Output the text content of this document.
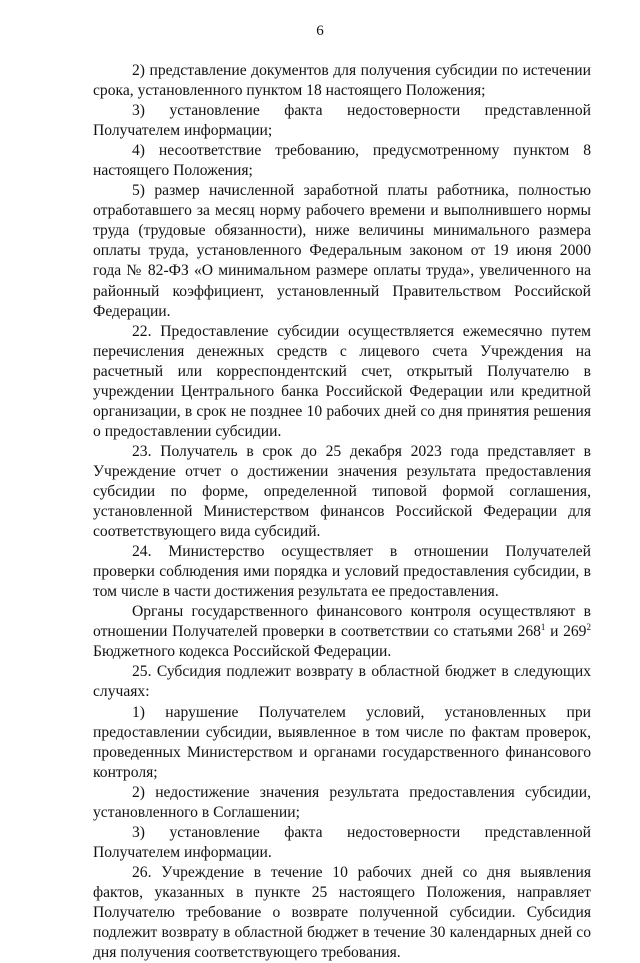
6

2) представление документов для получения субсидии по истечении срока, установленного пунктом 18 настоящего Положения;

3) установление факта недостоверности представленной Получателем информации;

4) несоответствие требованию, предусмотренному пунктом 8 настоящего Положения;

5) размер начисленной заработной платы работника, полностью отработавшего за месяц норму рабочего времени и выполнившего нормы труда (трудовые обязанности), ниже величины минимального размера оплаты труда, установленного Федеральным законом от 19 июня 2000 года № 82-ФЗ «О минимальном размере оплаты труда», увеличенного на районный коэффициент, установленный Правительством Российской Федерации.

22. Предоставление субсидии осуществляется ежемесячно путем перечисления денежных средств с лицевого счета Учреждения на расчетный или корреспондентский счет, открытый Получателю в учреждении Центрального банка Российской Федерации или кредитной организации, в срок не позднее 10 рабочих дней со дня принятия решения о предоставлении субсидии.

23. Получатель в срок до 25 декабря 2023 года представляет в Учреждение отчет о достижении значения результата предоставления субсидии по форме, определенной типовой формой соглашения, установленной Министерством финансов Российской Федерации для соответствующего вида субсидий.

24. Министерство осуществляет в отношении Получателей проверки соблюдения ими порядка и условий предоставления субсидии, в том числе в части достижения результата ее предоставления.

Органы государственного финансового контроля осуществляют в отношении Получателей проверки в соответствии со статьями $268^1$ и $269^2$ Бюджетного кодекса Российской Федерации.

25. Субсидия подлежит возврату в областной бюджет в следующих случаях:

1) нарушение Получателем условий, установленных при предоставлении субсидии, выявленное в том числе по фактам проверок, проведенных Министерством и органами государственного финансового контроля;

2) недостижение значения результата предоставления субсидии, установленного в Соглашении;

3) установление факта недостоверности представленной Получателем информации.

26. Учреждение в течение 10 рабочих дней со дня выявления фактов, указанных в пункте 25 настоящего Положения, направляет Получателю требование о возврате полученной субсидии. Субсидия подлежит возврату в областной бюджет в течение 30 календарных дней со дня получения соответствующего требования.
